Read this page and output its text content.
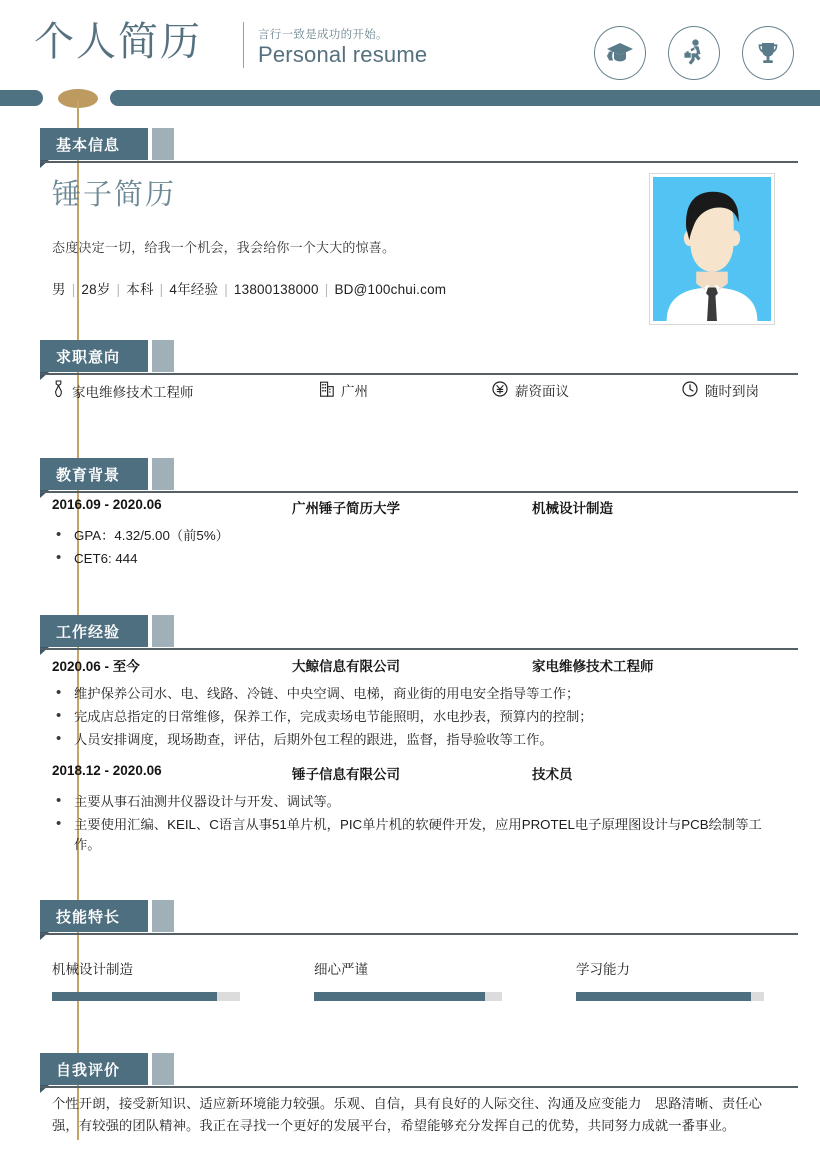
个人简历	言行一致是成功的开始。
Personal resume
基本信息
锤子简历
态度决定一切，给我一个机会，我会给你一个大大的惊喜。
男 | 28岁 | 本科 | 4年经验 | 13800138000 | BD@100chui.com
求职意向
家电维修技术工程师	广州	薪资面议	随时到岗
教育背景
2016.09 - 2020.06	广州锤子简历大学	机械设计制造
• GPA：4.32/5.00（前5%）
• CET6: 444
工作经验
2020.06 - 至今	大鲸信息有限公司	家电维修技术工程师
• 维护保养公司水、电、线路、冷链、中央空调、电梯，商业街的用电安全指导等工作；
• 完成店总指定的日常维修，保养工作，完成卖场电节能照明，水电抄表，预算内的控制；
• 人员安排调度，现场勘查，评估，后期外包工程的跟进，监督，指导验收等工作。
2018.12 - 2020.06	锤子信息有限公司	技术员
• 主要从事石油测井仪器设计与开发、调试等。
• 主要使用汇编、KEIL、C语言从事51单片机，PIC单片机的软硬件开发，应用PROTEL电子原理图设计与PCB绘制等工作。
技能特长
机械设计制造	细心严谨	学习能力
自我评价
个性开朗，接受新知识、适应新环境能力较强。乐观、自信，具有良好的人际交往、沟通及应变能力　思路清晰、责任心强，有较强的团队精神。我正在寻找一个更好的发展平台，希望能够充分发挥自己的优势，共同努力成就一番事业。
